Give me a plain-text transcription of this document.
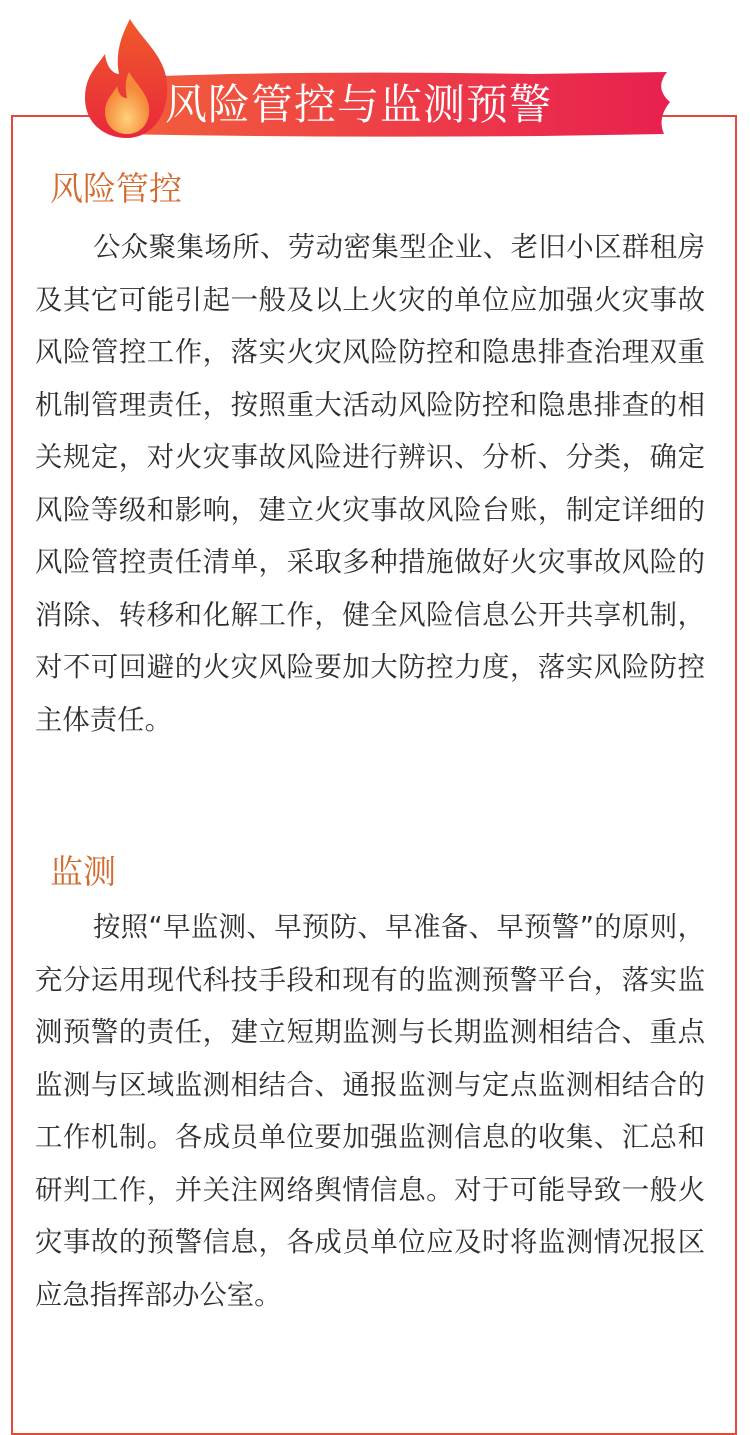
风险管控与监测预警
风险管控

公众聚集场所、劳动密集型企业、老旧小区群租房及其它可能引起一般及以上火灾的单位应加强火灾事故风险管控工作，落实火灾风险防控和隐患排查治理双重机制管理责任，按照重大活动风险防控和隐患排查的相关规定，对火灾事故风险进行辨识、分析、分类，确定风险等级和影响，建立火灾事故风险台账，制定详细的风险管控责任清单，采取多种措施做好火灾事故风险的消除、转移和化解工作，健全风险信息公开共享机制，对不可回避的火灾风险要加大防控力度，落实风险防控主体责任。

监测

按照“早监测、早预防、早准备、早预警”的原则，充分运用现代科技手段和现有的监测预警平台，落实监测预警的责任，建立短期监测与长期监测相结合、重点监测与区域监测相结合、通报监测与定点监测相结合的工作机制。各成员单位要加强监测信息的收集、汇总和研判工作，并关注网络舆情信息。对于可能导致一般火灾事故的预警信息，各成员单位应及时将监测情况报区应急指挥部办公室。
